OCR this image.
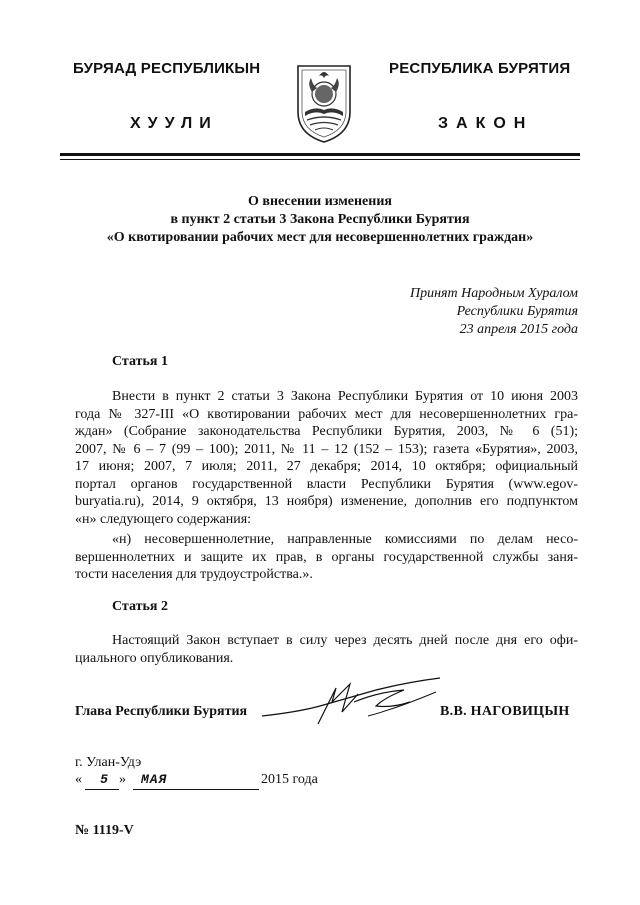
БУРЯАД РЕСПУБЛИКЫН
ХУУЛИ
РЕСПУБЛИКА БУРЯТИЯ
ЗАКОН
О внесении изменения
в пункт 2 статьи 3 Закона Республики Бурятия
«О квотировании рабочих мест для несовершеннолетних граждан»
Принят Народным Хуралом
Республики Бурятия
23 апреля 2015 года
Статья 1
Внести в пункт 2 статьи 3 Закона Республики Бурятия от 10 июня 2003
года № 327-III «О квотировании рабочих мест для несовершеннолетних гра-
ждан» (Собрание законодательства Республики Бурятия, 2003, № 6 (51);
2007, № 6 – 7 (99 – 100); 2011, № 11 – 12 (152 – 153); газета «Бурятия», 2003,
17 июня; 2007, 7 июля; 2011, 27 декабря; 2014, 10 октября; официальный
портал органов государственной власти Республики Бурятия (www.egov-
buryatia.ru), 2014, 9 октября, 13 ноября) изменение, дополнив его подпунктом
«н» следующего содержания:
«н) несовершеннолетние, направленные комиссиями по делам несо-
вершеннолетних и защите их прав, в органы государственной службы заня-
тости населения для трудоустройства.».
Статья 2
Настоящий Закон вступает в силу через десять дней после дня его офи-
циального опубликования.
Глава Республики Бурятия	В.В. НАГОВИЦЫН
г. Улан-Удэ
«	5 » МАЯ	2015 года
№ 1119-V
